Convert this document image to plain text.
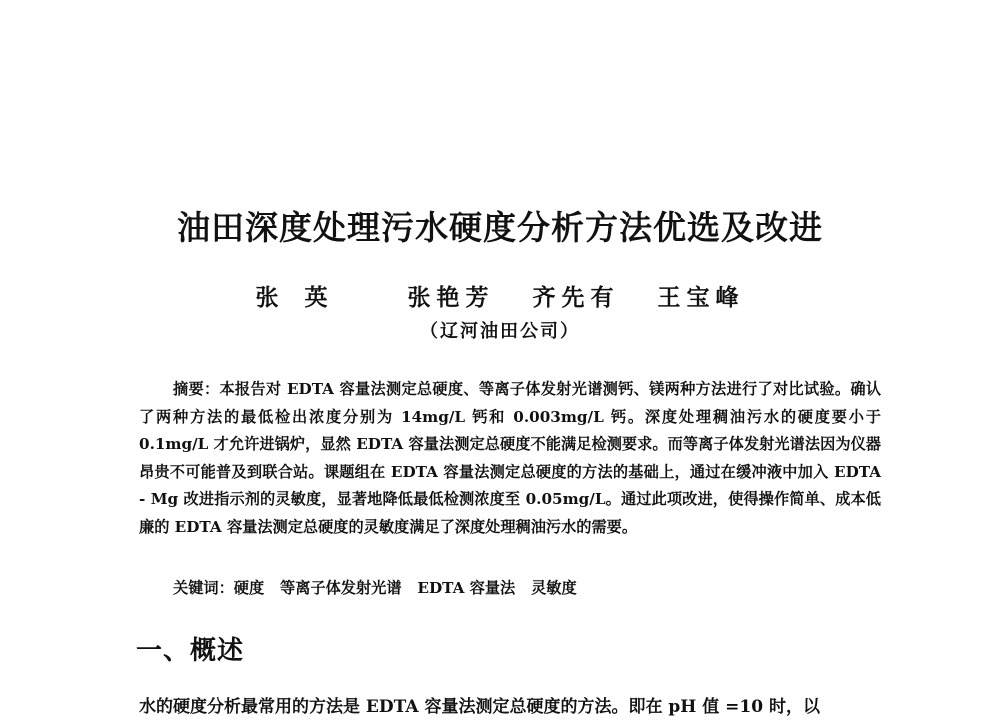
油田深度处理污水硬度分析方法优选及改进
张英 张艳芳 齐先有 王宝峰
（辽河油田公司）

摘要：本报告对 EDTA 容量法测定总硬度、等离子体发射光谱测钙、镁两种方法进行了对比试验。确认了两种方法的最低检出浓度分别为 14mg/L 钙和 0.003mg/L 钙。深度处理稠油污水的硬度要小于 0.1mg/L 才允许进锅炉，显然 EDTA 容量法测定总硬度不能满足检测要求。而等离子体发射光谱法因为仪器昂贵不可能普及到联合站。课题组在 EDTA 容量法测定总硬度的方法的基础上，通过在缓冲液中加入 EDTA - Mg 改进指示剂的灵敏度，显著地降低最低检测浓度至 0.05mg/L。通过此项改进，使得操作简单、成本低廉的 EDTA 容量法测定总硬度的灵敏度满足了深度处理稠油污水的需要。

关键词：硬度 等离子体发射光谱 EDTA 容量法 灵敏度
一、概述
水的硬度分析最常用的方法是 EDTA 容量法测定总硬度的方法。即在 pH 值 =10 时，以
